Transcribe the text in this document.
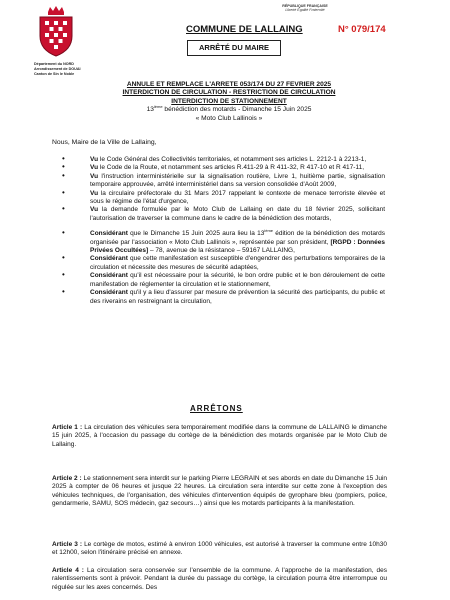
RÉPUBLIQUE FRANÇAISE
Liberté Égalité Fraternité
COMMUNE DE LALLAING	N° 079/174
ARRÊTÉ DU MAIRE
Département du NORD
Arrondissement de DOUAI
Canton de Sin le Noble
ANNULE ET REMPLACE L'ARRETE 053/174 DU 27 FEVRIER 2025
INTERDICTION DE CIRCULATION - RESTRICTION DE CIRCULATION
INTERDICTION DE STATIONNEMENT
13ième bénédiction des motards - Dimanche 15 Juin 2025
« Moto Club Lallinois »
Nous, Maire de la Ville de Lallaing,
•	Vu le Code Général des Collectivités territoriales, et notamment ses articles L. 2212-1 à 2213-1,
•	Vu le Code de la Route, et notamment ses articles R.411-29 à R 411-32, R 417-10 et R 417-11,
•	Vu l'instruction interministérielle sur la signalisation routière, Livre 1, huitième partie, signalisation temporaire approuvée, arrêté interministériel dans sa version consolidée d'Août 2009,
•	Vu la circulaire préfectorale du 31 Mars 2017 rappelant le contexte de menace terroriste élevée et sous le régime de l'état d'urgence,
•	Vu la demande formulée par le Moto Club de Lallaing en date du 18 février 2025, sollicitant l'autorisation de traverser la commune dans le cadre de la bénédiction des motards,
•	Considérant que le Dimanche 15 Juin 2025 aura lieu la 13ième édition de la bénédiction des motards organisée par l'association « Moto Club Lallinois », représentée par son président, [RGPD : Données Privées Occultées] – 78, avenue de la résistance – 59167 LALLAING,
•	Considérant que cette manifestation est susceptible d'engendrer des perturbations temporaires de la circulation et nécessite des mesures de sécurité adaptées,
•	Considérant qu'il est nécessaire pour la sécurité, le bon ordre public et le bon déroulement de cette manifestation de réglementer la circulation et le stationnement,
•	Considérant qu'il y a lieu d'assurer par mesure de prévention la sécurité des participants, du public et des riverains en restreignant la circulation,
ARRÊTONS
Article 1 : La circulation des véhicules sera temporairement modifiée dans la commune de LALLAING le dimanche 15 juin 2025, à l'occasion du passage du cortège de la bénédiction des motards organisée par le Moto Club de Lallaing.
Article 2 : Le stationnement sera interdit sur le parking Pierre LEGRAIN et ses abords en date du Dimanche 15 Juin 2025 à compter de 06 heures et jusque 22 heures. La circulation sera interdite sur cette zone à l'exception des véhicules techniques, de l'organisation, des véhicules d'intervention équipés de gyrophare bleu (pompiers, police, gendarmerie, SAMU, SOS médecin, gaz secours…) ainsi que les motards participants à la manifestation.
Article 3 : Le cortège de motos, estimé à environ 1000 véhicules, est autorisé à traverser la commune entre 10h30 et 12h00, selon l'itinéraire précisé en annexe.
Article 4 : La circulation sera conservée sur l'ensemble de la commune. A l'approche de la manifestation, des ralentissements sont à prévoir. Pendant la durée du passage du cortège, la circulation pourra être interrompue ou régulée sur les axes concernés. Des
